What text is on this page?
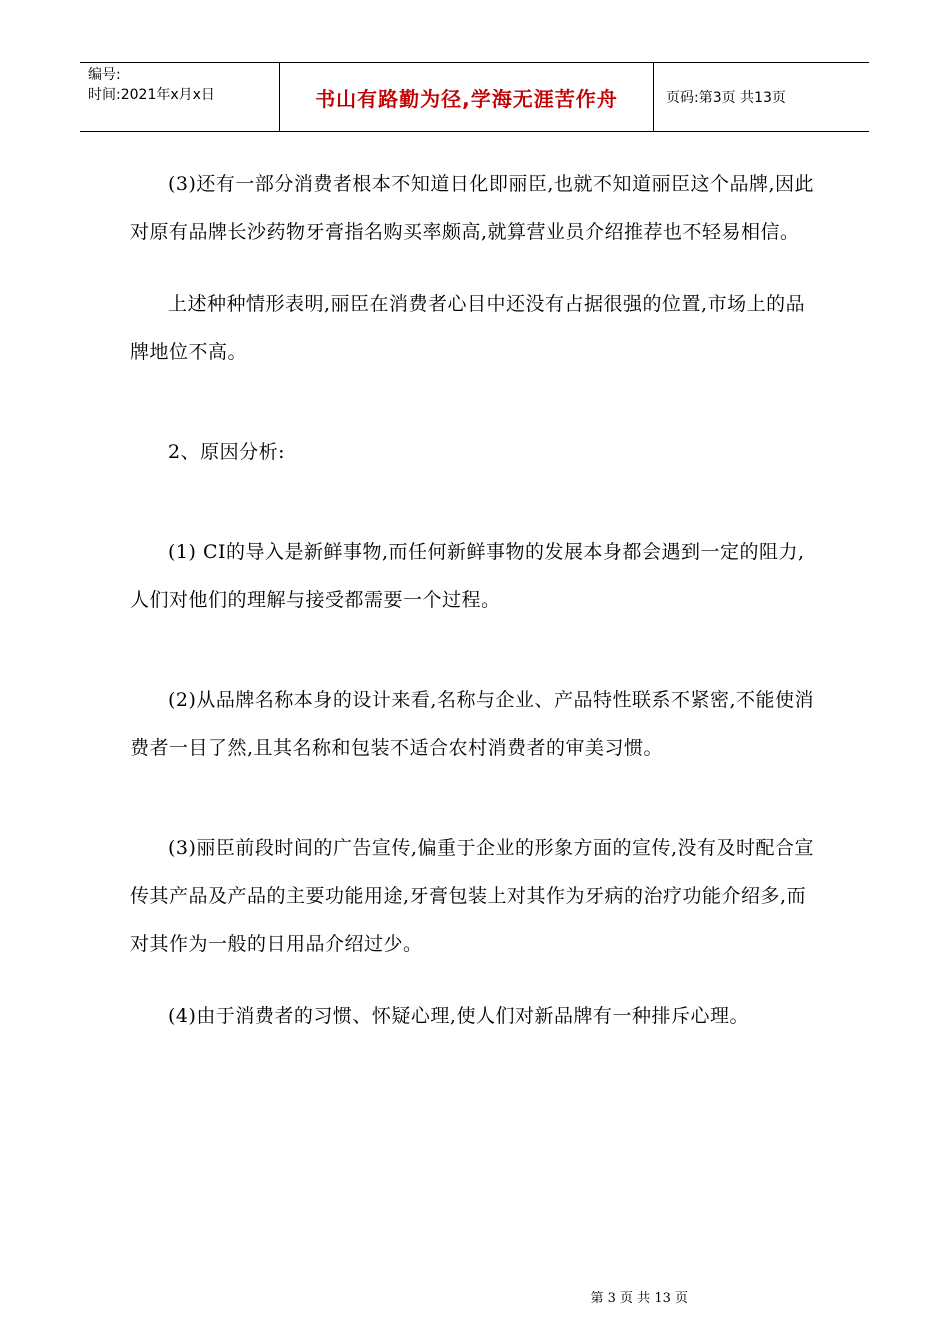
编号:
时间:2021年x月x日	书山有路勤为径,学海无涯苦作舟	页码:第3页 共13页

(3)还有一部分消费者根本不知道日化即丽臣,也就不知道丽臣这个品牌,因此对原有品牌长沙药物牙膏指名购买率颇高,就算营业员介绍推荐也不轻易相信。

上述种种情形表明,丽臣在消费者心目中还没有占据很强的位置,市场上的品牌地位不高。

2、原因分析:

(1) CI的导入是新鲜事物,而任何新鲜事物的发展本身都会遇到一定的阻力,人们对他们的理解与接受都需要一个过程。

(2)从品牌名称本身的设计来看,名称与企业、产品特性联系不紧密,不能使消费者一目了然,且其名称和包装不适合农村消费者的审美习惯。

(3)丽臣前段时间的广告宣传,偏重于企业的形象方面的宣传,没有及时配合宣传其产品及产品的主要功能用途,牙膏包装上对其作为牙病的治疗功能介绍多,而对其作为一般的日用品介绍过少。

(4)由于消费者的习惯、怀疑心理,使人们对新品牌有一种排斥心理。

第 3 页 共 13 页
